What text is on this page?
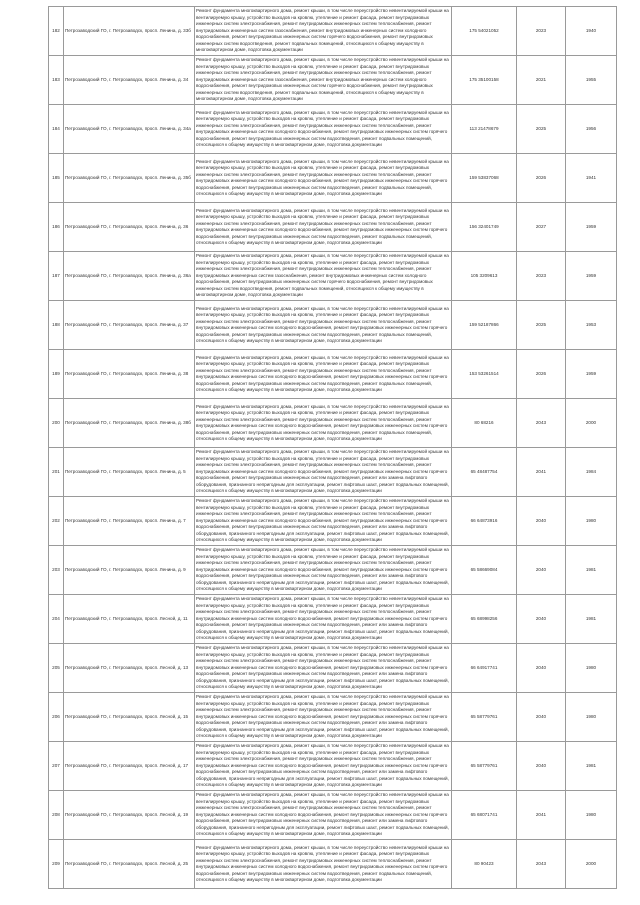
182	Петрозаводский ГО, г. Петрозаводск, просп. Ленина, д. 33б	Ремонт фундамента многоквартирного дома, ремонт крыши, в том числе переустройство невентилируемой крыши на вентилируемую крышу, устройство выходов на кровлю, утепление и ремонт фасада, ремонт внутридомовых инженерных систем электроснабжения, ремонт внутридомовых инженерных систем теплоснабжения, ремонт внутридомовых инженерных систем газоснабжения, ремонт внутридомовых инженерных систем холодного водоснабжения, ремонт внутридомовых инженерных систем горячего водоснабжения, ремонт внутридомовых инженерных систем водоотведения, ремонт подвальных помещений, относящихся к общему имуществу в многоквартирном доме, подготовка документации	175 54021052	2023	1940
183	Петрозаводский ГО, г. Петрозаводск, просп. Ленина, д. 34	Ремонт фундамента многоквартирного дома, ремонт крыши, в том числе переустройство невентилируемой крыши на вентилируемую крышу, устройство выходов на кровлю, утепление и ремонт фасада, ремонт внутридомовых инженерных систем электроснабжения, ремонт внутридомовых инженерных систем теплоснабжения, ремонт внутридомовых инженерных систем газоснабжения, ремонт внутридомовых инженерных систем холодного водоснабжения, ремонт внутридомовых инженерных систем горячего водоснабжения, ремонт внутридомовых инженерных систем водоотведения, ремонт подвальных помещений, относящихся к общему имуществу в многоквартирном доме, подготовка документации	175 35100158	2021	1955
184	Петрозаводский ГО, г. Петрозаводск, просп. Ленина, д. 34а	Ремонт фундамента многоквартирного дома, ремонт крыши, в том числе переустройство невентилируемой крыши на вентилируемую крышу, устройство выходов на кровлю, утепление и ремонт фасада, ремонт внутридомовых инженерных систем электроснабжения, ремонт внутридомовых инженерных систем теплоснабжения, ремонт внутридомовых инженерных систем холодного водоснабжения, ремонт внутридомовых инженерных систем горячего водоснабжения, ремонт внутридомовых инженерных систем водоотведения, ремонт подвальных помещений, относящихся к общему имуществу в многоквартирном доме, подготовка документации	113 21478679	2025	1956
185	Петрозаводский ГО, г. Петрозаводск, просп. Ленина, д. 35б	Ремонт фундамента многоквартирного дома, ремонт крыши, в том числе переустройство невентилируемой крыши на вентилируемую крышу, устройство выходов на кровлю, утепление и ремонт фасада, ремонт внутридомовых инженерных систем электроснабжения, ремонт внутридомовых инженерных систем теплоснабжения, ремонт внутридомовых инженерных систем холодного водоснабжения, ремонт внутридомовых инженерных систем горячего водоснабжения, ремонт внутридомовых инженерных систем водоотведения, ремонт подвальных помещений, относящихся к общему имуществу в многоквартирном доме, подготовка документации	159 53837068	2026	1941
186	Петрозаводский ГО, г. Петрозаводск, просп. Ленина, д. 36	Ремонт фундамента многоквартирного дома, ремонт крыши, в том числе переустройство невентилируемой крыши на вентилируемую крышу, устройство выходов на кровлю, утепление и ремонт фасада, ремонт внутридомовых инженерных систем электроснабжения, ремонт внутридомовых инженерных систем теплоснабжения, ремонт внутридомовых инженерных систем холодного водоснабжения, ремонт внутридомовых инженерных систем горячего водоснабжения, ремонт внутридомовых инженерных систем водоотведения, ремонт подвальных помещений, относящихся к общему имуществу в многоквартирном доме, подготовка документации	156 32401749	2027	1959
187	Петрозаводский ГО, г. Петрозаводск, просп. Ленина, д. 36а	Ремонт фундамента многоквартирного дома, ремонт крыши, в том числе переустройство невентилируемой крыши на вентилируемую крышу, устройство выходов на кровлю, утепление и ремонт фасада, ремонт внутридомовых инженерных систем электроснабжения, ремонт внутридомовых инженерных систем теплоснабжения, ремонт внутридомовых инженерных систем газоснабжения, ремонт внутридомовых инженерных систем холодного водоснабжения, ремонт внутридомовых инженерных систем горячего водоснабжения, ремонт внутридомовых инженерных систем водоотведения, ремонт подвальных помещений, относящихся к общему имуществу в многоквартирном доме, подготовка документации	105 3209613	2023	1959
188	Петрозаводский ГО, г. Петрозаводск, просп. Ленина, д. 37	Ремонт фундамента многоквартирного дома, ремонт крыши, в том числе переустройство невентилируемой крыши на вентилируемую крышу, устройство выходов на кровлю, утепление и ремонт фасада, ремонт внутридомовых инженерных систем электроснабжения, ремонт внутридомовых инженерных систем теплоснабжения, ремонт внутридомовых инженерных систем холодного водоснабжения, ремонт внутридомовых инженерных систем горячего водоснабжения, ремонт внутридомовых инженерных систем водоотведения, ремонт подвальных помещений, относящихся к общему имуществу в многоквартирном доме, подготовка документации	159 52187866	2025	1953
189	Петрозаводский ГО, г. Петрозаводск, просп. Ленина, д. 38	Ремонт фундамента многоквартирного дома, ремонт крыши, в том числе переустройство невентилируемой крыши на вентилируемую крышу, устройство выходов на кровлю, утепление и ремонт фасада, ремонт внутридомовых инженерных систем электроснабжения, ремонт внутридомовых инженерных систем теплоснабжения, ремонт внутридомовых инженерных систем холодного водоснабжения, ремонт внутридомовых инженерных систем горячего водоснабжения, ремонт внутридомовых инженерных систем водоотведения, ремонт подвальных помещений, относящихся к общему имуществу в многоквартирном доме, подготовка документации	153 53261514	2026	1959
200	Петрозаводский ГО, г. Петрозаводск, просп. Ленина, д. 38б	Ремонт фундамента многоквартирного дома, ремонт крыши, в том числе переустройство невентилируемой крыши на вентилируемую крышу, устройство выходов на кровлю, утепление и ремонт фасада, ремонт внутридомовых инженерных систем электроснабжения, ремонт внутридомовых инженерных систем теплоснабжения, ремонт внутридомовых инженерных систем холодного водоснабжения, ремонт внутридомовых инженерных систем горячего водоснабжения, ремонт внутридомовых инженерных систем водоотведения, ремонт подвальных помещений, относящихся к общему имуществу в многоквартирном доме, подготовка документации	80 68216	2043	2000
201	Петрозаводский ГО, г. Петрозаводск, просп. Ленина, д. 5	Ремонт фундамента многоквартирного дома, ремонт крыши, в том числе переустройство невентилируемой крыши на вентилируемую крышу, устройство выходов на кровлю, утепление и ремонт фасада, ремонт внутридомовых инженерных систем электроснабжения, ремонт внутридомовых инженерных систем теплоснабжения, ремонт внутридомовых инженерных систем холодного водоснабжения, ремонт внутридомовых инженерных систем горячего водоснабжения, ремонт внутридомовых инженерных систем водоотведения, ремонт или замена лифтового оборудования, признанного непригодным для эксплуатации, ремонт лифтовых шахт, ремонт подвальных помещений, относящихся к общему имуществу в многоквартирном доме, подготовка документации	65 48487754	2041	1984
202	Петрозаводский ГО, г. Петрозаводск, просп. Ленина, д. 7	Ремонт фундамента многоквартирного дома, ремонт крыши, в том числе переустройство невентилируемой крыши на вентилируемую крышу, устройство выходов на кровлю, утепление и ремонт фасада, ремонт внутридомовых инженерных систем электроснабжения, ремонт внутридомовых инженерных систем теплоснабжения, ремонт внутридомовых инженерных систем холодного водоснабжения, ремонт внутридомовых инженерных систем горячего водоснабжения, ремонт внутридомовых инженерных систем водоотведения, ремонт или замена лифтового оборудования, признанного непригодным для эксплуатации, ремонт лифтовых шахт, ремонт подвальных помещений, относящихся к общему имуществу в многоквартирном доме, подготовка документации	66 64873916	2040	1980
203	Петрозаводский ГО, г. Петрозаводск, просп. Ленина, д. 9	Ремонт фундамента многоквартирного дома, ремонт крыши, в том числе переустройство невентилируемой крыши на вентилируемую крышу, устройство выходов на кровлю, утепление и ремонт фасада, ремонт внутридомовых инженерных систем электроснабжения, ремонт внутридомовых инженерных систем теплоснабжения, ремонт внутридомовых инженерных систем холодного водоснабжения, ремонт внутридомовых инженерных систем горячего водоснабжения, ремонт внутридомовых инженерных систем водоотведения, ремонт или замена лифтового оборудования, признанного непригодным для эксплуатации, ремонт лифтовых шахт, ремонт подвальных помещений, относящихся к общему имуществу в многоквартирном доме, подготовка документации	65 58669084	2040	1981
204	Петрозаводский ГО, г. Петрозаводск, просп. Лесной, д. 11	Ремонт фундамента многоквартирного дома, ремонт крыши, в том числе переустройство невентилируемой крыши на вентилируемую крышу, устройство выходов на кровлю, утепление и ремонт фасада, ремонт внутридомовых инженерных систем электроснабжения, ремонт внутридомовых инженерных систем теплоснабжения, ремонт внутридомовых инженерных систем холодного водоснабжения, ремонт внутридомовых инженерных систем горячего водоснабжения, ремонт внутридомовых инженерных систем водоотведения, ремонт или замена лифтового оборудования, признанного непригодным для эксплуатации, ремонт лифтовых шахт, ремонт подвальных помещений, относящихся к общему имуществу в многоквартирном доме, подготовка документации	65 68998256	2040	1981
205	Петрозаводский ГО, г. Петрозаводск, просп. Лесной, д. 13	Ремонт фундамента многоквартирного дома, ремонт крыши, в том числе переустройство невентилируемой крыши на вентилируемую крышу, устройство выходов на кровлю, утепление и ремонт фасада, ремонт внутридомовых инженерных систем электроснабжения, ремонт внутридомовых инженерных систем теплоснабжения, ремонт внутридомовых инженерных систем холодного водоснабжения, ремонт внутридомовых инженерных систем горячего водоснабжения, ремонт внутридомовых инженерных систем водоотведения, ремонт или замена лифтового оборудования, признанного непригодным для эксплуатации, ремонт лифтовых шахт, ремонт подвальных помещений, относящихся к общему имуществу в многоквартирном доме, подготовка документации	66 64917741	2040	1980
206	Петрозаводский ГО, г. Петрозаводск, просп. Лесной, д. 15	Ремонт фундамента многоквартирного дома, ремонт крыши, в том числе переустройство невентилируемой крыши на вентилируемую крышу, устройство выходов на кровлю, утепление и ремонт фасада, ремонт внутридомовых инженерных систем электроснабжения, ремонт внутридомовых инженерных систем теплоснабжения, ремонт внутридомовых инженерных систем холодного водоснабжения, ремонт внутридомовых инженерных систем горячего водоснабжения, ремонт внутридомовых инженерных систем водоотведения, ремонт или замена лифтового оборудования, признанного непригодным для эксплуатации, ремонт лифтовых шахт, ремонт подвальных помещений, относящихся к общему имуществу в многоквартирном доме, подготовка документации	65 58779761	2040	1980
207	Петрозаводский ГО, г. Петрозаводск, просп. Лесной, д. 17	Ремонт фундамента многоквартирного дома, ремонт крыши, в том числе переустройство невентилируемой крыши на вентилируемую крышу, устройство выходов на кровлю, утепление и ремонт фасада, ремонт внутридомовых инженерных систем электроснабжения, ремонт внутридомовых инженерных систем теплоснабжения, ремонт внутридомовых инженерных систем холодного водоснабжения, ремонт внутридомовых инженерных систем горячего водоснабжения, ремонт внутридомовых инженерных систем водоотведения, ремонт или замена лифтового оборудования, признанного непригодным для эксплуатации, ремонт лифтовых шахт, ремонт подвальных помещений, относящихся к общему имуществу в многоквартирном доме, подготовка документации	65 58779761	2040	1981
208	Петрозаводский ГО, г. Петрозаводск, просп. Лесной, д. 19	Ремонт фундамента многоквартирного дома, ремонт крыши, в том числе переустройство невентилируемой крыши на вентилируемую крышу, устройство выходов на кровлю, утепление и ремонт фасада, ремонт внутридомовых инженерных систем электроснабжения, ремонт внутридомовых инженерных систем теплоснабжения, ремонт внутридомовых инженерных систем холодного водоснабжения, ремонт внутридомовых инженерных систем горячего водоснабжения, ремонт внутридомовых инженерных систем водоотведения, ремонт или замена лифтового оборудования, признанного непригодным для эксплуатации, ремонт лифтовых шахт, ремонт подвальных помещений, относящихся к общему имуществу в многоквартирном доме, подготовка документации	65 68071741	2041	1980
209	Петрозаводский ГО, г. Петрозаводск, просп. Лесной, д. 25	Ремонт фундамента многоквартирного дома, ремонт крыши, в том числе переустройство невентилируемой крыши на вентилируемую крышу, устройство выходов на кровлю, утепление и ремонт фасада, ремонт внутридомовых инженерных систем электроснабжения, ремонт внутридомовых инженерных систем теплоснабжения, ремонт внутридомовых инженерных систем холодного водоснабжения, ремонт внутридомовых инженерных систем горячего водоснабжения, ремонт внутридомовых инженерных систем водоотведения, ремонт подвальных помещений, относящихся к общему имуществу в многоквартирном доме, подготовка документации	80 90423	2043	2000
